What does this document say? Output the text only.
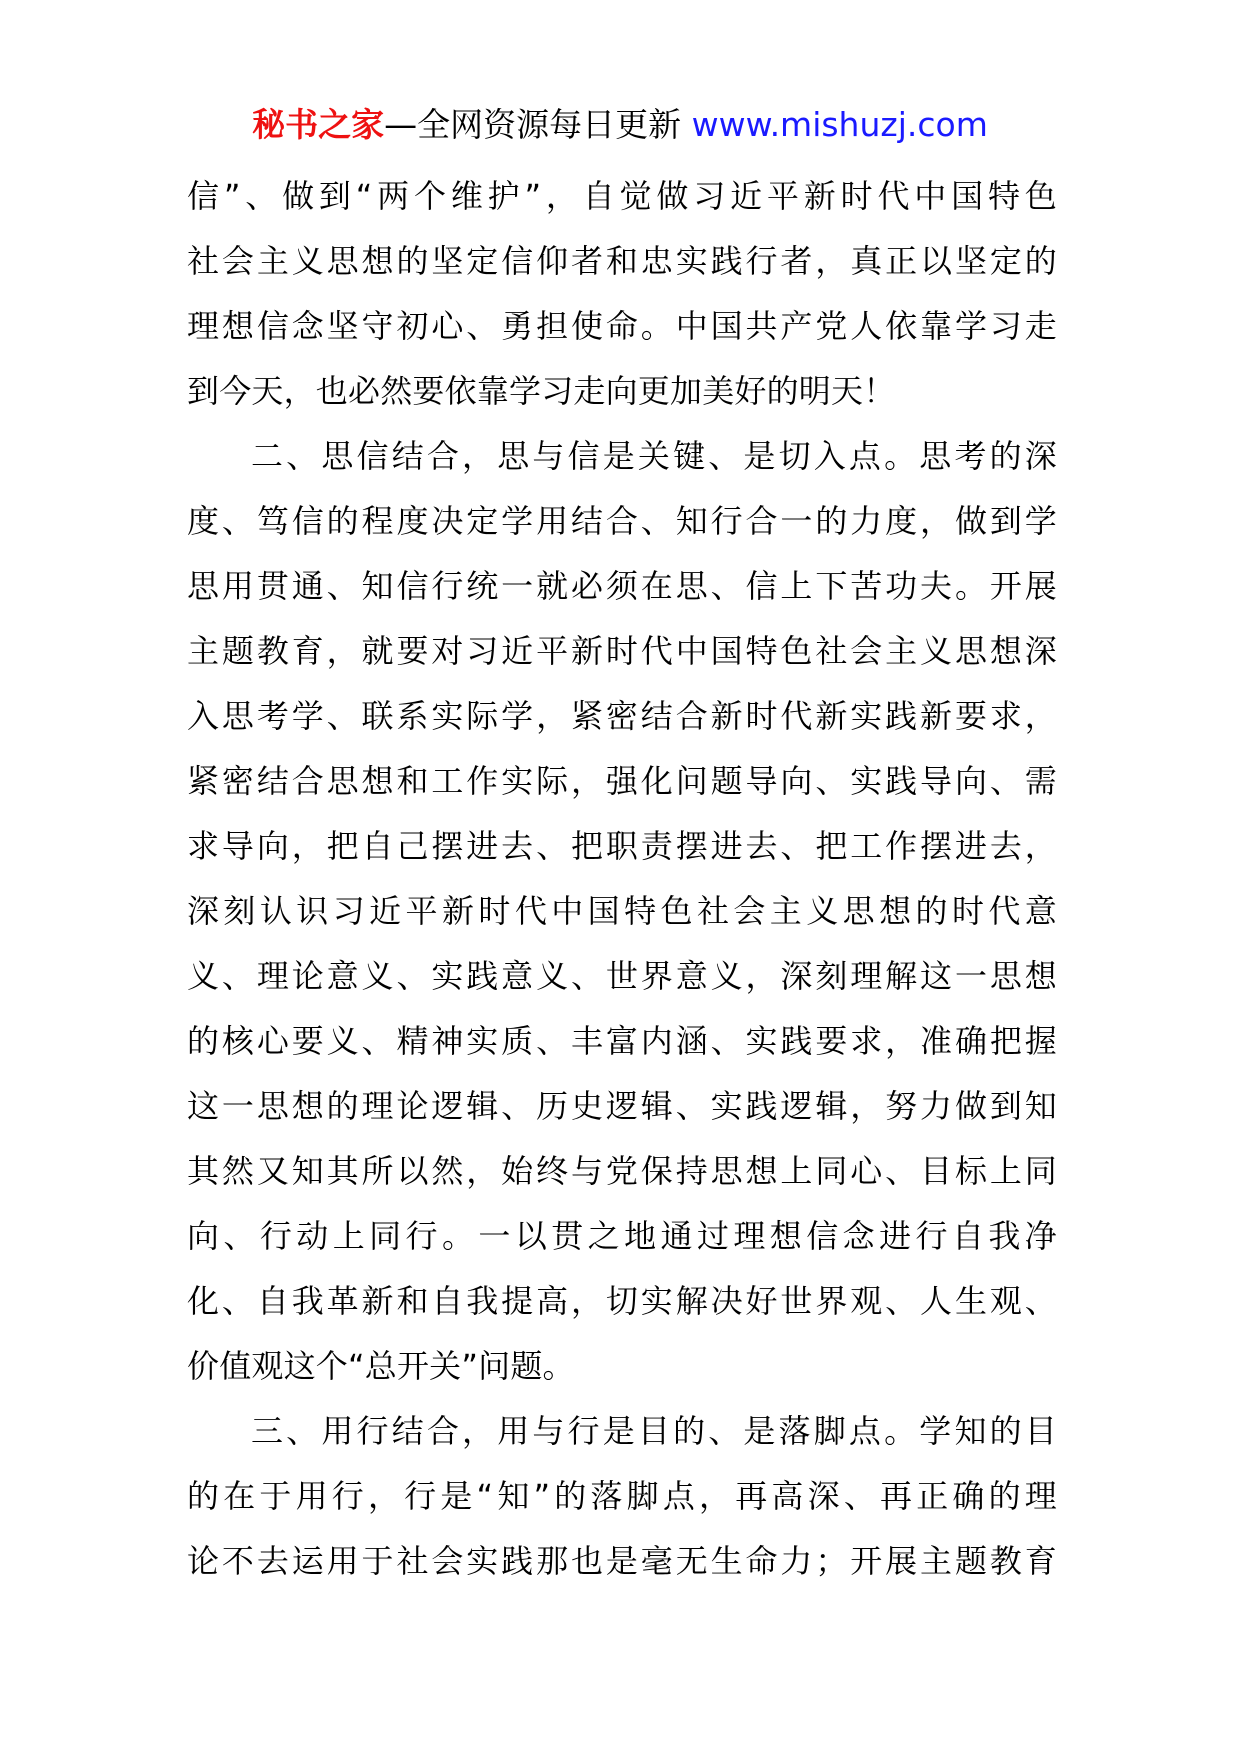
秘书之家—全网资源每日更新 www.mishuzj.com
信”、做到“两个维护”，自觉做习近平新时代中国特色
社会主义思想的坚定信仰者和忠实践行者，真正以坚定的
理想信念坚守初心、勇担使命。中国共产党人依靠学习走
到今天，也必然要依靠学习走向更加美好的明天！
二、思信结合，思与信是关键、是切入点。思考的深
度、笃信的程度决定学用结合、知行合一的力度，做到学
思用贯通、知信行统一就必须在思、信上下苦功夫。开展
主题教育，就要对习近平新时代中国特色社会主义思想深
入思考学、联系实际学，紧密结合新时代新实践新要求，
紧密结合思想和工作实际，强化问题导向、实践导向、需
求导向，把自己摆进去、把职责摆进去、把工作摆进去，
深刻认识习近平新时代中国特色社会主义思想的时代意
义、理论意义、实践意义、世界意义，深刻理解这一思想
的核心要义、精神实质、丰富内涵、实践要求，准确把握
这一思想的理论逻辑、历史逻辑、实践逻辑，努力做到知
其然又知其所以然，始终与党保持思想上同心、目标上同
向、行动上同行。一以贯之地通过理想信念进行自我净
化、自我革新和自我提高，切实解决好世界观、人生观、
价值观这个“总开关”问题。
三、用行结合，用与行是目的、是落脚点。学知的目
的在于用行，行是“知”的落脚点，再高深、再正确的理
论不去运用于社会实践那也是毫无生命力；开展主题教育
